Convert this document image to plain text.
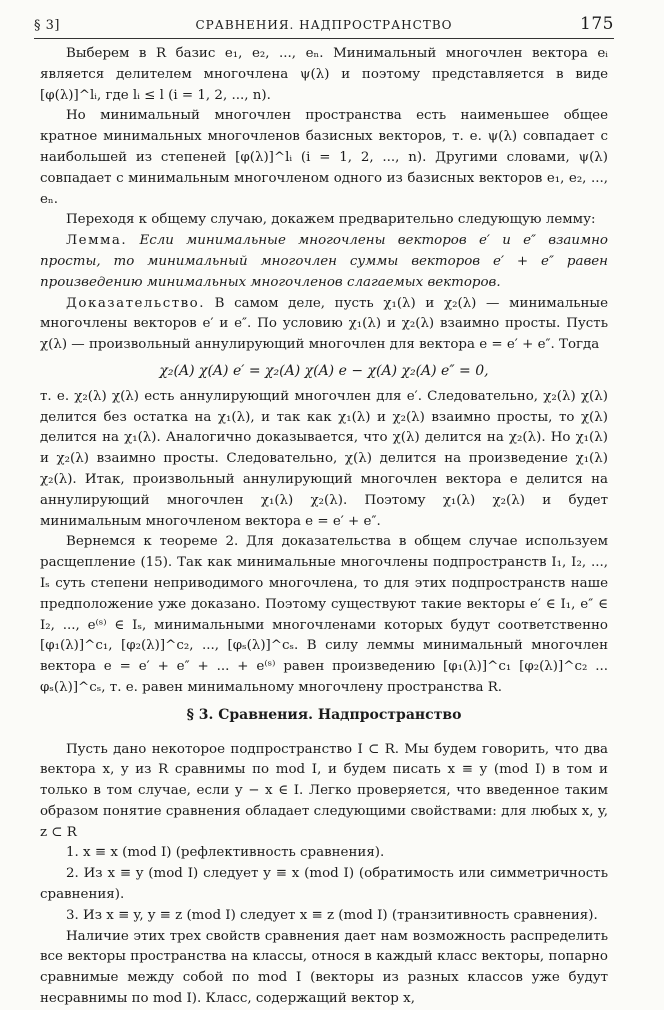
§ 3]	СРАВНЕНИЯ. НАДПРОСТРАНСТВО	175

Выберем в R базис e₁, e₂, ..., eₙ. Минимальный многочлен вектора eᵢ является делителем многочлена ψ(λ) и поэтому представляется в виде [φ(λ)]^lᵢ, где lᵢ ≤ l (i = 1, 2, ..., n).

Но минимальный многочлен пространства есть наименьшее общее кратное минимальных многочленов базисных векторов, т. е. ψ(λ) совпадает с наибольшей из степеней [φ(λ)]^lᵢ (i = 1, 2, ..., n). Другими словами, ψ(λ) совпадает с минимальным многочленом одного из базисных векторов e₁, e₂, ..., eₙ.

Переходя к общему случаю, докажем предварительно следующую лемму:

Лемма. Если минимальные многочлены векторов e′ и e″ взаимно просты, то минимальный многочлен суммы векторов e′ + e″ равен произведению минимальных многочленов слагаемых векторов.

Доказательство. В самом деле, пусть χ₁(λ) и χ₂(λ) — минимальные многочлены векторов e′ и e″. По условию χ₁(λ) и χ₂(λ) взаимно просты. Пусть χ(λ) — произвольный аннулирующий многочлен для вектора e = e′ + e″. Тогда

χ₂(A) χ(A) e′ = χ₂(A) χ(A) e − χ(A) χ₂(A) e″ = 0,

т. е. χ₂(λ) χ(λ) есть аннулирующий многочлен для e′. Следовательно, χ₂(λ) χ(λ) делится без остатка на χ₁(λ), и так как χ₁(λ) и χ₂(λ) взаимно просты, то χ(λ) делится на χ₁(λ). Аналогично доказывается, что χ(λ) делится на χ₂(λ). Но χ₁(λ) и χ₂(λ) взаимно просты. Следовательно, χ(λ) делится на произведение χ₁(λ) χ₂(λ). Итак, произвольный аннулирующий многочлен вектора e делится на аннулирующий многочлен χ₁(λ) χ₂(λ). Поэтому χ₁(λ) χ₂(λ) и будет минимальным многочленом вектора e = e′ + e″.

Вернемся к теореме 2. Для доказательства в общем случае используем расщепление (15). Так как минимальные многочлены подпространств I₁, I₂, ..., Iₛ суть степени неприводимого многочлена, то для этих подпространств наше предположение уже доказано. Поэтому существуют такие векторы e′ ∈ I₁, e″ ∈ I₂, ..., e⁽ˢ⁾ ∈ Iₛ, минимальными многочленами которых будут соответственно [φ₁(λ)]^c₁, [φ₂(λ)]^c₂, ..., [φₛ(λ)]^cₛ. В силу леммы минимальный многочлен вектора e = e′ + e″ + ... + e⁽ˢ⁾ равен произведению [φ₁(λ)]^c₁ [φ₂(λ)]^c₂ ... φₛ(λ)]^cₛ, т. е. равен минимальному многочлену пространства R.

§ 3. Сравнения. Надпространство

Пусть дано некоторое подпространство I ⊂ R. Мы будем говорить, что два вектора x, y из R сравнимы по mod I, и будем писать x ≡ y (mod I) в том и только в том случае, если y − x ∈ I. Легко проверяется, что введенное таким образом понятие сравнения обладает следующими свойствами: для любых x, y, z ⊂ R

1. x ≡ x (mod I) (рефлективность сравнения).

2. Из x ≡ y (mod I) следует y ≡ x (mod I) (обратимость или симметричность сравнения).

3. Из x ≡ y, y ≡ z (mod I) следует x ≡ z (mod I) (транзитивность сравнения).

Наличие этих трех свойств сравнения дает нам возможность распределить все векторы пространства на классы, относя в каждый класс векторы, попарно сравнимые между собой по mod I (векторы из разных классов уже будут несравнимы по mod I). Класс, содержащий вектор x,
